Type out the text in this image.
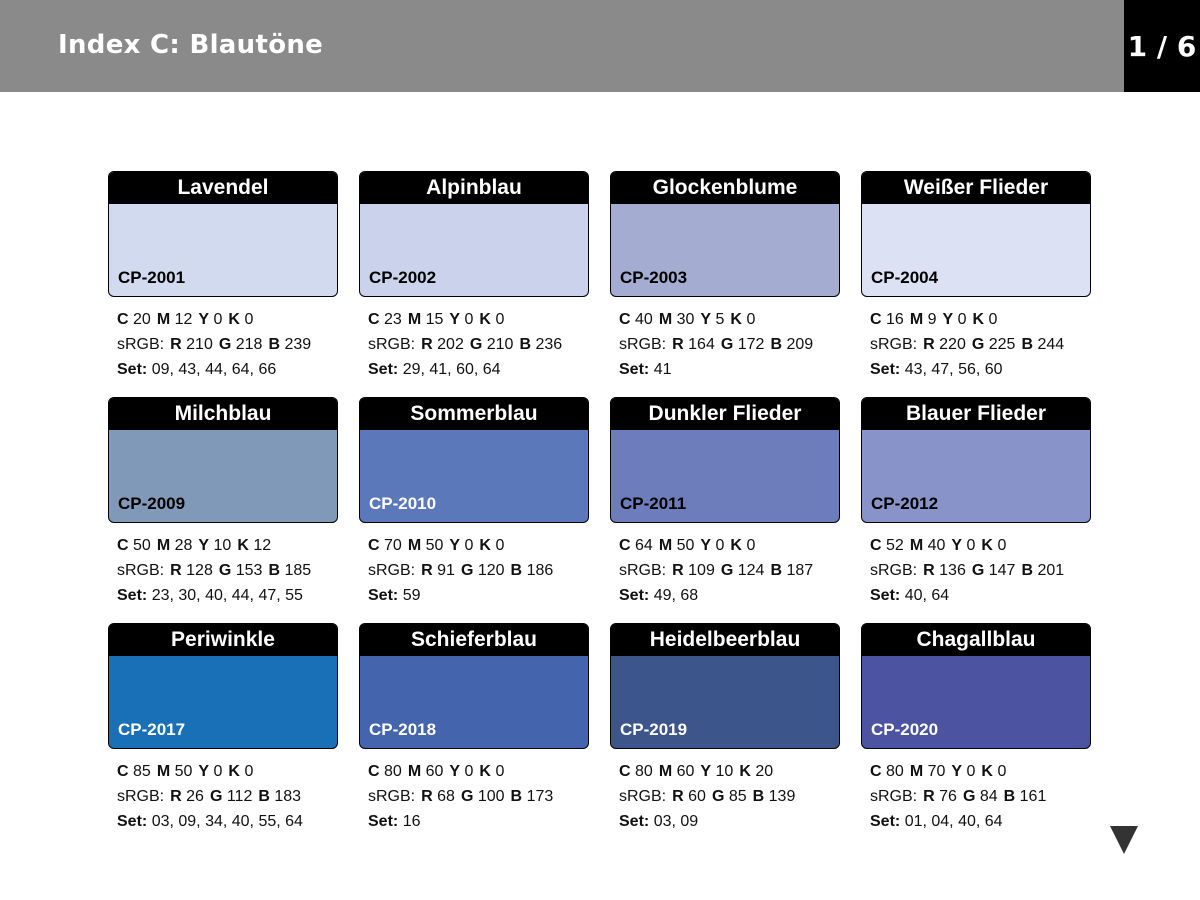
Index C: Blautöne	1 / 6
Lavendel
CP-2001
C 20 M 12 Y 0 K 0
sRGB: R 210 G 218 B 239
Set: 09, 43, 44, 64, 66
Alpinblau
CP-2002
C 23 M 15 Y 0 K 0
sRGB: R 202 G 210 B 236
Set: 29, 41, 60, 64
Glockenblume
CP-2003
C 40 M 30 Y 5 K 0
sRGB: R 164 G 172 B 209
Set: 41
Weißer Flieder
CP-2004
C 16 M 9 Y 0 K 0
sRGB: R 220 G 225 B 244
Set: 43, 47, 56, 60
Milchblau
CP-2009
C 50 M 28 Y 10 K 12
sRGB: R 128 G 153 B 185
Set: 23, 30, 40, 44, 47, 55
Sommerblau
CP-2010
C 70 M 50 Y 0 K 0
sRGB: R 91 G 120 B 186
Set: 59
Dunkler Flieder
CP-2011
C 64 M 50 Y 0 K 0
sRGB: R 109 G 124 B 187
Set: 49, 68
Blauer Flieder
CP-2012
C 52 M 40 Y 0 K 0
sRGB: R 136 G 147 B 201
Set: 40, 64
Periwinkle
CP-2017
C 85 M 50 Y 0 K 0
sRGB: R 26 G 112 B 183
Set: 03, 09, 34, 40, 55, 64
Schieferblau
CP-2018
C 80 M 60 Y 0 K 0
sRGB: R 68 G 100 B 173
Set: 16
Heidelbeerblau
CP-2019
C 80 M 60 Y 10 K 20
sRGB: R 60 G 85 B 139
Set: 03, 09
Chagallblau
CP-2020
C 80 M 70 Y 0 K 0
sRGB: R 76 G 84 B 161
Set: 01, 04, 40, 64
